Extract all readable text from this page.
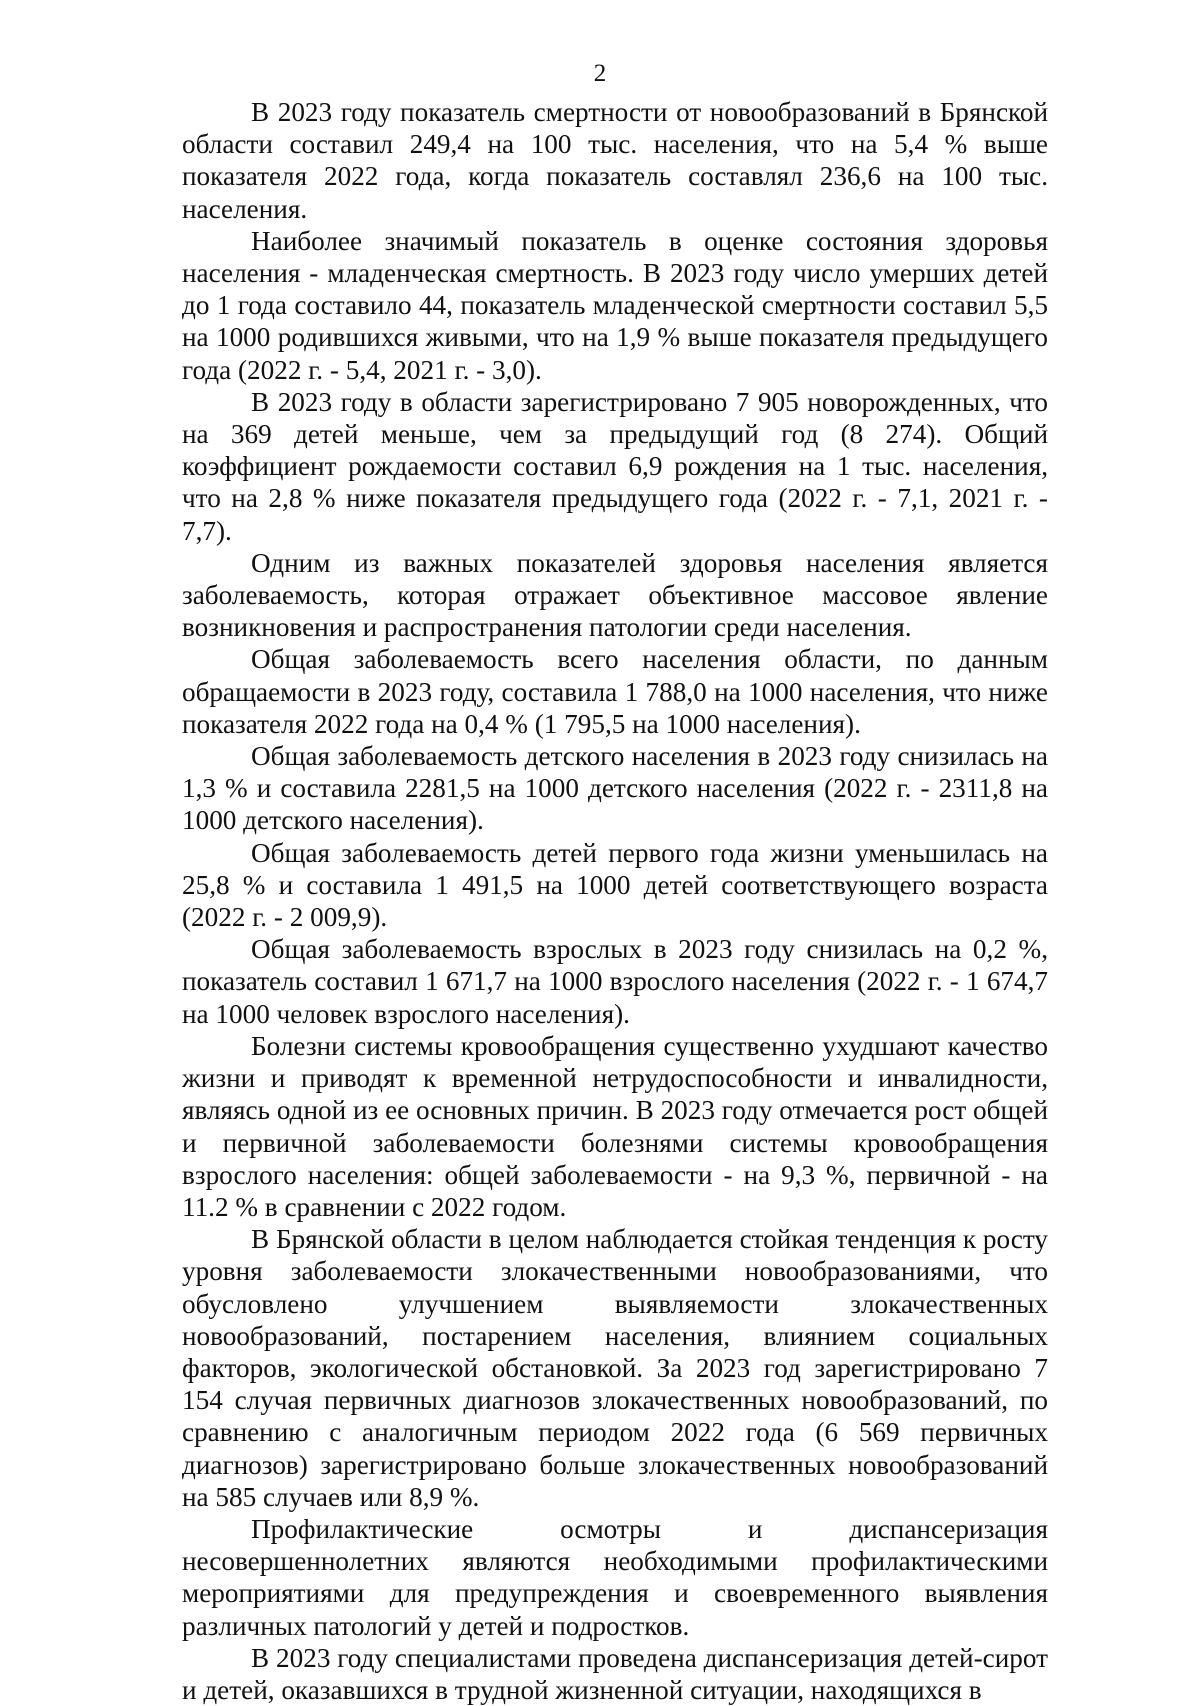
2

В 2023 году показатель смертности от новообразований в Брянской области составил 249,4 на 100 тыс. населения, что на 5,4 % выше показателя 2022 года, когда показатель составлял 236,6 на 100 тыс. населения.

Наиболее значимый показатель в оценке состояния здоровья населения - младенческая смертность. В 2023 году число умерших детей до 1 года составило 44, показатель младенческой смертности составил 5,5 на 1000 родившихся живыми, что на 1,9 % выше показателя предыдущего года (2022 г. - 5,4, 2021 г. - 3,0).

В 2023 году в области зарегистрировано 7 905 новорожденных, что на 369 детей меньше, чем за предыдущий год (8 274). Общий коэффициент рождаемости составил 6,9 рождения на 1 тыс. населения, что на 2,8 % ниже показателя предыдущего года (2022 г. - 7,1, 2021 г. - 7,7).

Одним из важных показателей здоровья населения является заболеваемость, которая отражает объективное массовое явление возникновения и распространения патологии среди населения.

Общая заболеваемость всего населения области, по данным обращаемости в 2023 году, составила 1 788,0 на 1000 населения, что ниже показателя 2022 года на 0,4 % (1 795,5 на 1000 населения).

Общая заболеваемость детского населения в 2023 году снизилась на 1,3 % и составила 2281,5 на 1000 детского населения (2022 г. - 2311,8 на 1000 детского населения).

Общая заболеваемость детей первого года жизни уменьшилась на 25,8 % и составила 1 491,5 на 1000 детей соответствующего возраста (2022 г. - 2 009,9).

Общая заболеваемость взрослых в 2023 году снизилась на 0,2 %, показатель составил 1 671,7 на 1000 взрослого населения (2022 г. - 1 674,7 на 1000 человек взрослого населения).

Болезни системы кровообращения существенно ухудшают качество жизни и приводят к временной нетрудоспособности и инвалидности, являясь одной из ее основных причин. В 2023 году отмечается рост общей и первичной заболеваемости болезнями системы кровообращения взрослого населения: общей заболеваемости - на 9,3 %, первичной - на 11.2 % в сравнении с 2022 годом.

В Брянской области в целом наблюдается стойкая тенденция к росту уровня заболеваемости злокачественными новообразованиями, что обусловлено улучшением выявляемости злокачественных новообразований, постарением населения, влиянием социальных факторов, экологической обстановкой. За 2023 год зарегистрировано 7 154 случая первичных диагнозов злокачественных новообразований, по сравнению с аналогичным периодом 2022 года (6 569 первичных диагнозов) зарегистрировано больше злокачественных новообразований на 585 случаев или 8,9 %.

Профилактические осмотры и диспансеризация несовершеннолетних являются необходимыми профилактическими мероприятиями для предупреждения и своевременного выявления различных патологий у детей и подростков.

В 2023 году специалистами проведена диспансеризация детей-сирот и детей, оказавшихся в трудной жизненной ситуации, находящихся в
